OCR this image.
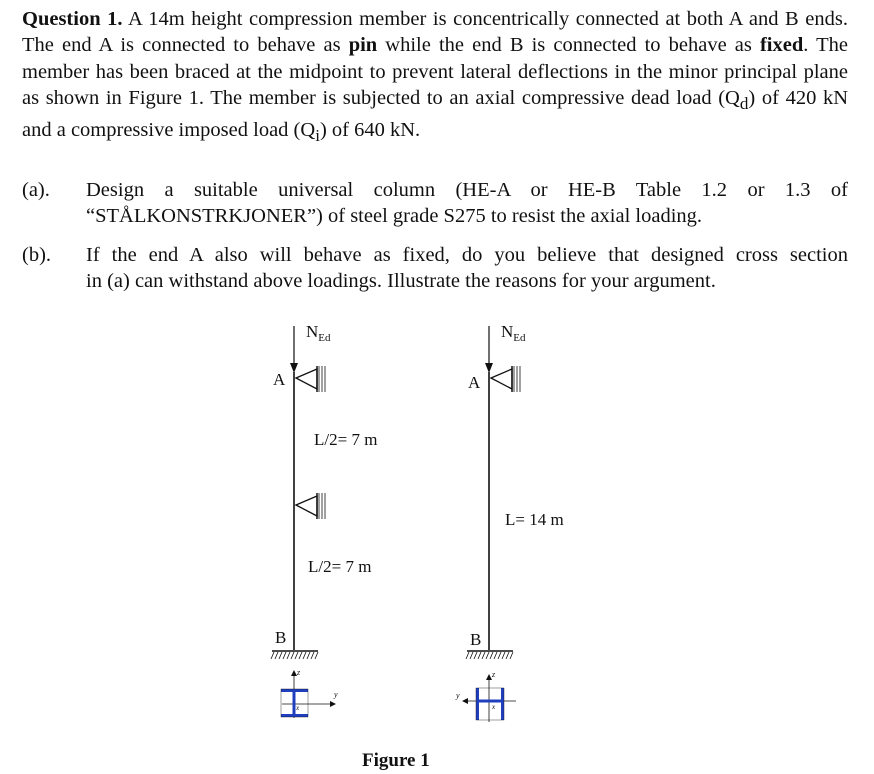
Question 1. A 14m height compression member is concentrically connected at both A and B ends. The end A is connected to behave as pin while the end B is connected to behave as fixed. The member has been braced at the midpoint to prevent lateral deflections in the minor principal plane as shown in Figure 1. The member is subjected to an axial compressive dead load $(Q_d)$ of 420 kN and a compressive imposed load $(Q_i)$ of 640 kN.
(a). Design a suitable universal column (HE-A or HE-B Table 1.2 or 1.3 of
“STÅLKONSTRKJONER”) of steel grade S275 to resist the axial loading.
(b). If the end A also will behave as fixed, do you believe that designed cross section
in (a) can withstand above loadings. Illustrate the reasons for your argument.
$N_{Ed}$
A
L/2= 7 m
L/2= 7 m
B
z
y
x
$N_{Ed}$
A
L= 14 m
B
z
y
x
Figure 1
